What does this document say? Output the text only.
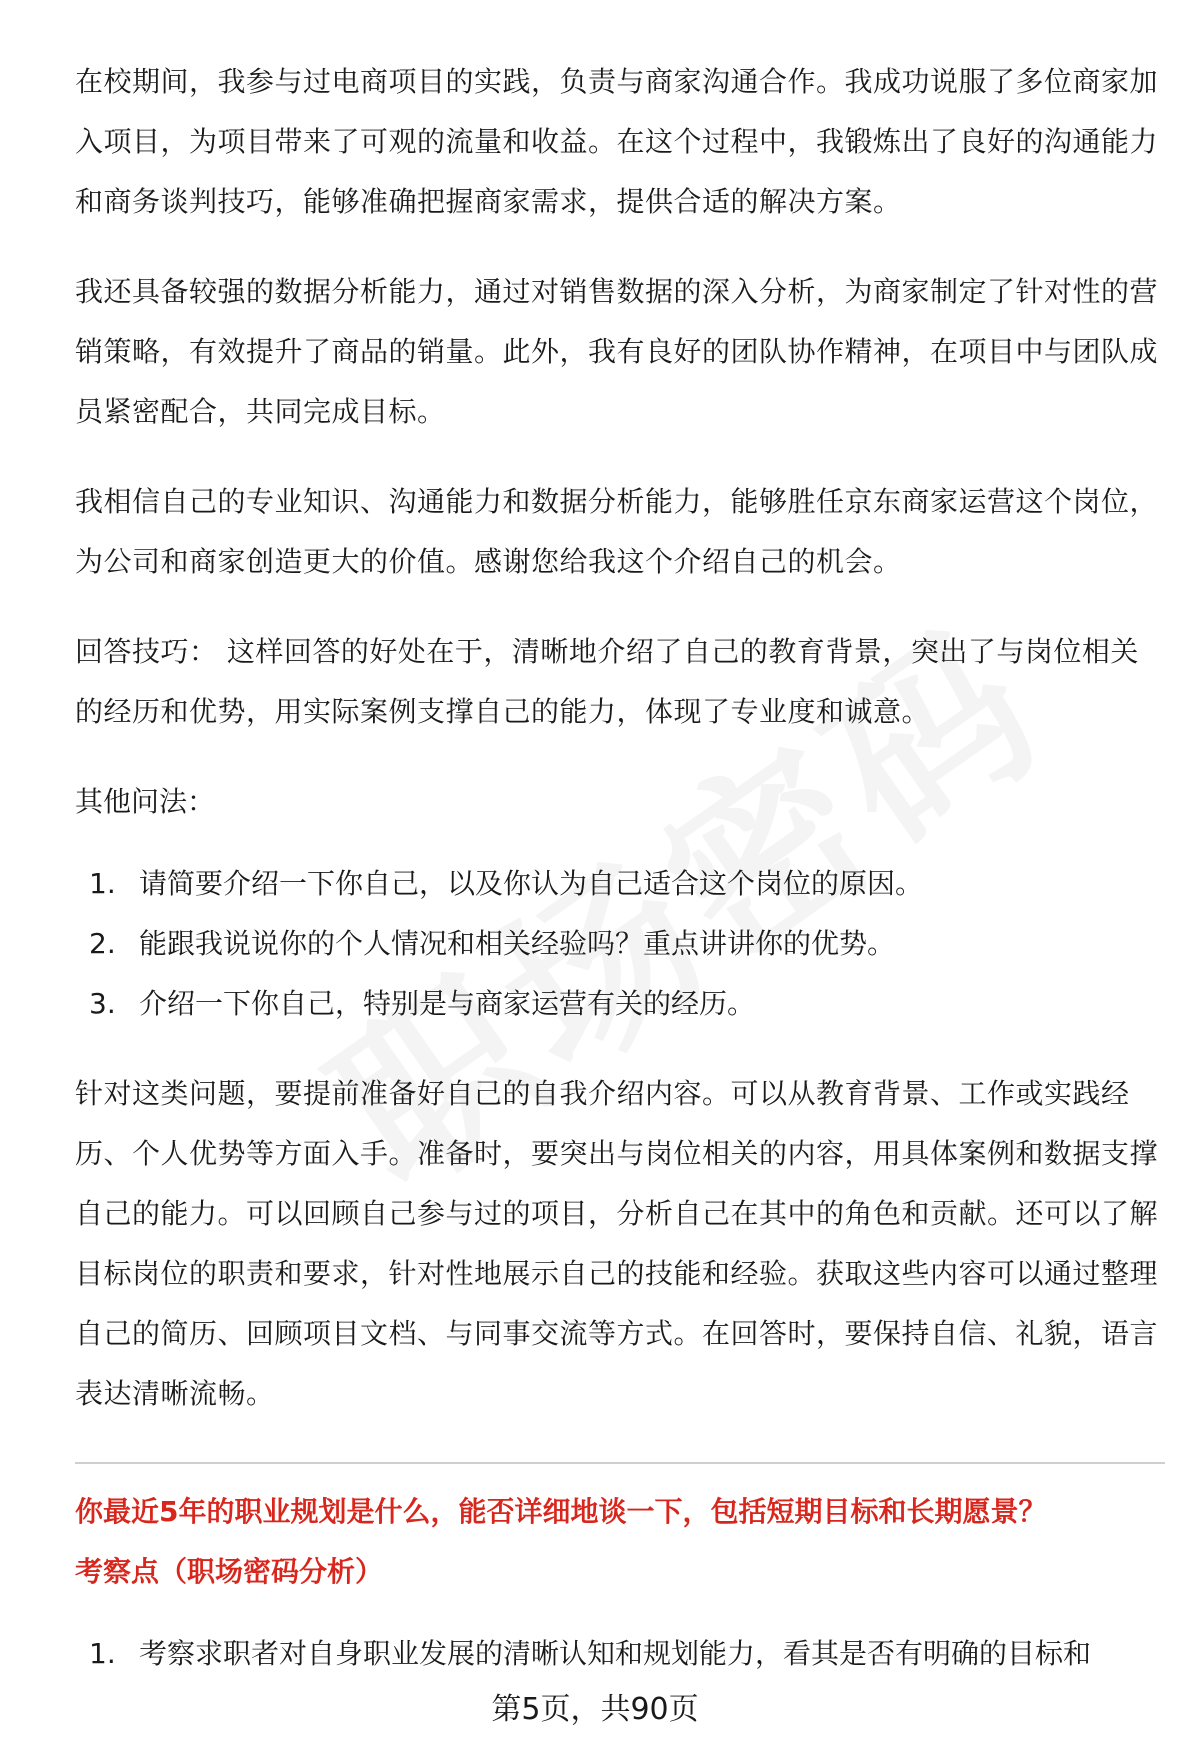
在校期间，我参与过电商项目的实践，负责与商家沟通合作。我成功说服了多位商家加入项目，为项目带来了可观的流量和收益。在这个过程中，我锻炼出了良好的沟通能力和商务谈判技巧，能够准确把握商家需求，提供合适的解决方案。

我还具备较强的数据分析能力，通过对销售数据的深入分析，为商家制定了针对性的营销策略，有效提升了商品的销量。此外，我有良好的团队协作精神，在项目中与团队成员紧密配合，共同完成目标。

我相信自己的专业知识、沟通能力和数据分析能力，能够胜任京东商家运营这个岗位，为公司和商家创造更大的价值。感谢您给我这个介绍自己的机会。

回答技巧： 这样回答的好处在于，清晰地介绍了自己的教育背景，突出了与岗位相关的经历和优势，用实际案例支撑自己的能力，体现了专业度和诚意。

其他问法：

1. 请简要介绍一下你自己，以及你认为自己适合这个岗位的原因。
2. 能跟我说说你的个人情况和相关经验吗？重点讲讲你的优势。
3. 介绍一下你自己，特别是与商家运营有关的经历。

针对这类问题，要提前准备好自己的自我介绍内容。可以从教育背景、工作或实践经历、个人优势等方面入手。准备时，要突出与岗位相关的内容，用具体案例和数据支撑自己的能力。可以回顾自己参与过的项目，分析自己在其中的角色和贡献。还可以了解目标岗位的职责和要求，针对性地展示自己的技能和经验。获取这些内容可以通过整理自己的简历、回顾项目文档、与同事交流等方式。在回答时，要保持自信、礼貌，语言表达清晰流畅。

你最近5年的职业规划是什么，能否详细地谈一下，包括短期目标和长期愿景？

考察点（职场密码分析）

1. 考察求职者对自身职业发展的清晰认知和规划能力，看其是否有明确的目标和
第5页，共90页
